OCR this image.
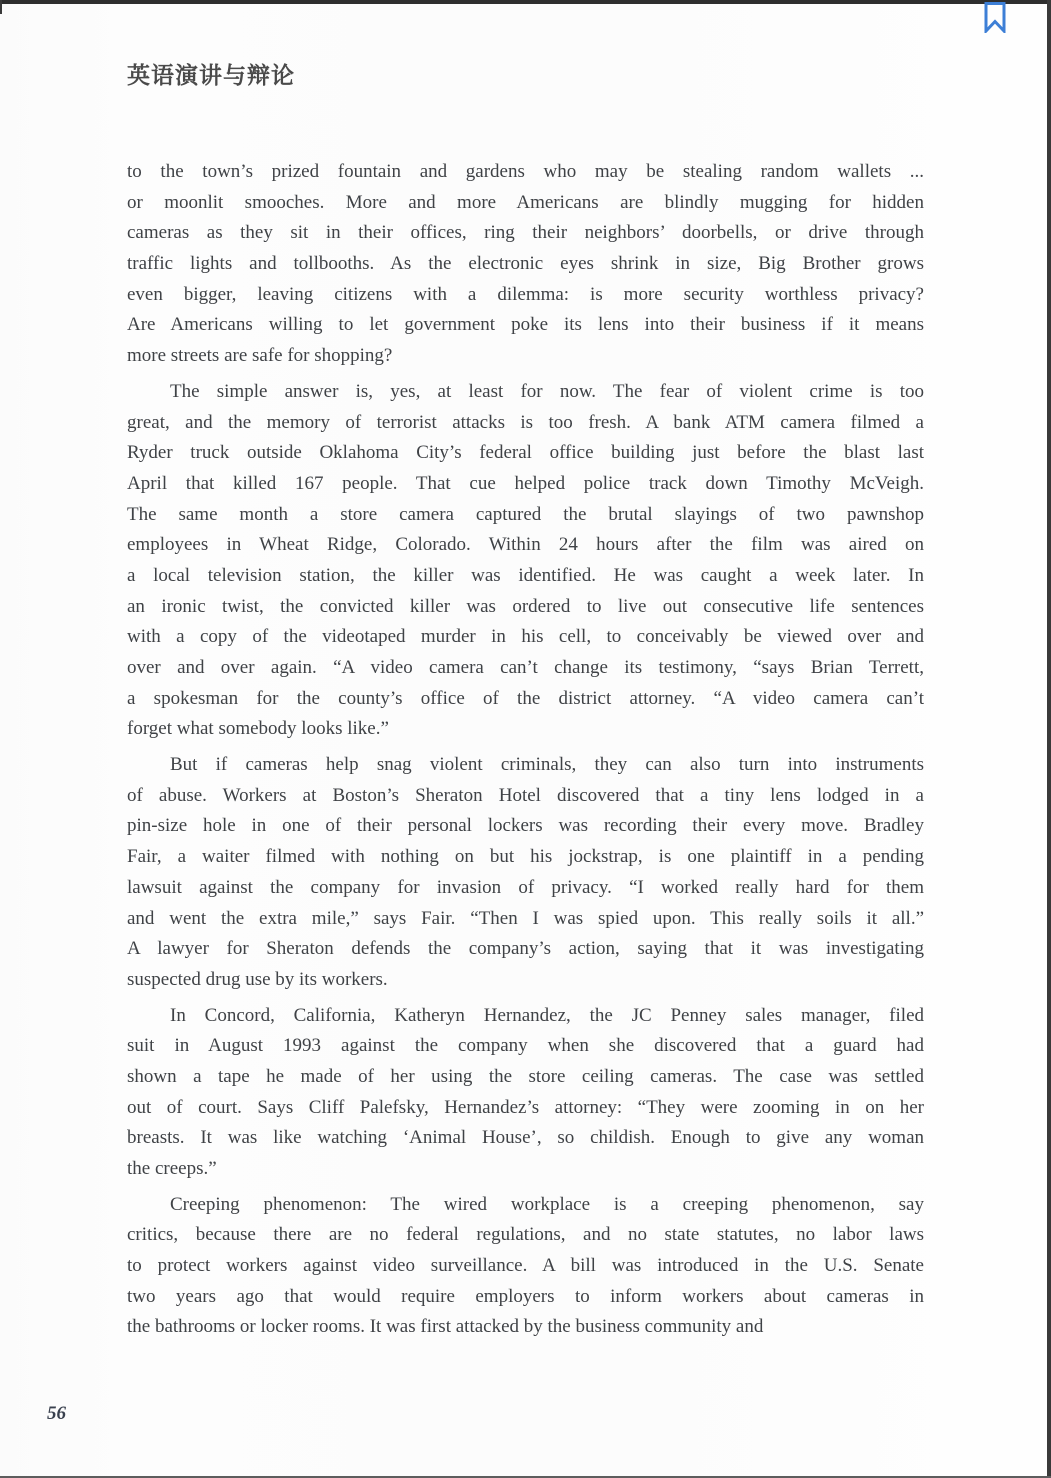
英语演讲与辩论
to the town’s prized fountain and gardens who may be stealing random wallets ...
or moonlit smooches. More and more Americans are blindly mugging for hidden
cameras as they sit in their offices, ring their neighbors’ doorbells, or drive through
traffic lights and tollbooths. As the electronic eyes shrink in size, Big Brother grows
even bigger, leaving citizens with a dilemma: is more security worthless privacy?
Are Americans willing to let government poke its lens into their business if it means
more streets are safe for shopping?
The simple answer is, yes, at least for now. The fear of violent crime is too
great, and the memory of terrorist attacks is too fresh. A bank ATM camera filmed a
Ryder truck outside Oklahoma City’s federal office building just before the blast last
April that killed 167 people. That cue helped police track down Timothy McVeigh.
The same month a store camera captured the brutal slayings of two pawnshop
employees in Wheat Ridge, Colorado. Within 24 hours after the film was aired on
a local television station, the killer was identified. He was caught a week later. In
an ironic twist, the convicted killer was ordered to live out consecutive life sentences
with a copy of the videotaped murder in his cell, to conceivably be viewed over and
over and over again. “A video camera can’t change its testimony, “says Brian Terrett,
a spokesman for the county’s office of the district attorney. “A video camera can’t
forget what somebody looks like.”
But if cameras help snag violent criminals, they can also turn into instruments
of abuse. Workers at Boston’s Sheraton Hotel discovered that a tiny lens lodged in a
pin-size hole in one of their personal lockers was recording their every move. Bradley
Fair, a waiter filmed with nothing on but his jockstrap, is one plaintiff in a pending
lawsuit against the company for invasion of privacy. “I worked really hard for them
and went the extra mile,” says Fair. “Then I was spied upon. This really soils it all.”
A lawyer for Sheraton defends the company’s action, saying that it was investigating
suspected drug use by its workers.
In Concord, California, Katheryn Hernandez, the JC Penney sales manager, filed
suit in August 1993 against the company when she discovered that a guard had
shown a tape he made of her using the store ceiling cameras. The case was settled
out of court. Says Cliff Palefsky, Hernandez’s attorney: “They were zooming in on her
breasts. It was like watching ‘Animal House’, so childish. Enough to give any woman
the creeps.”
Creeping phenomenon: The wired workplace is a creeping phenomenon, say
critics, because there are no federal regulations, and no state statutes, no labor laws
to protect workers against video surveillance. A bill was introduced in the U.S. Senate
two years ago that would require employers to inform workers about cameras in
the bathrooms or locker rooms. It was first attacked by the business community and
56
